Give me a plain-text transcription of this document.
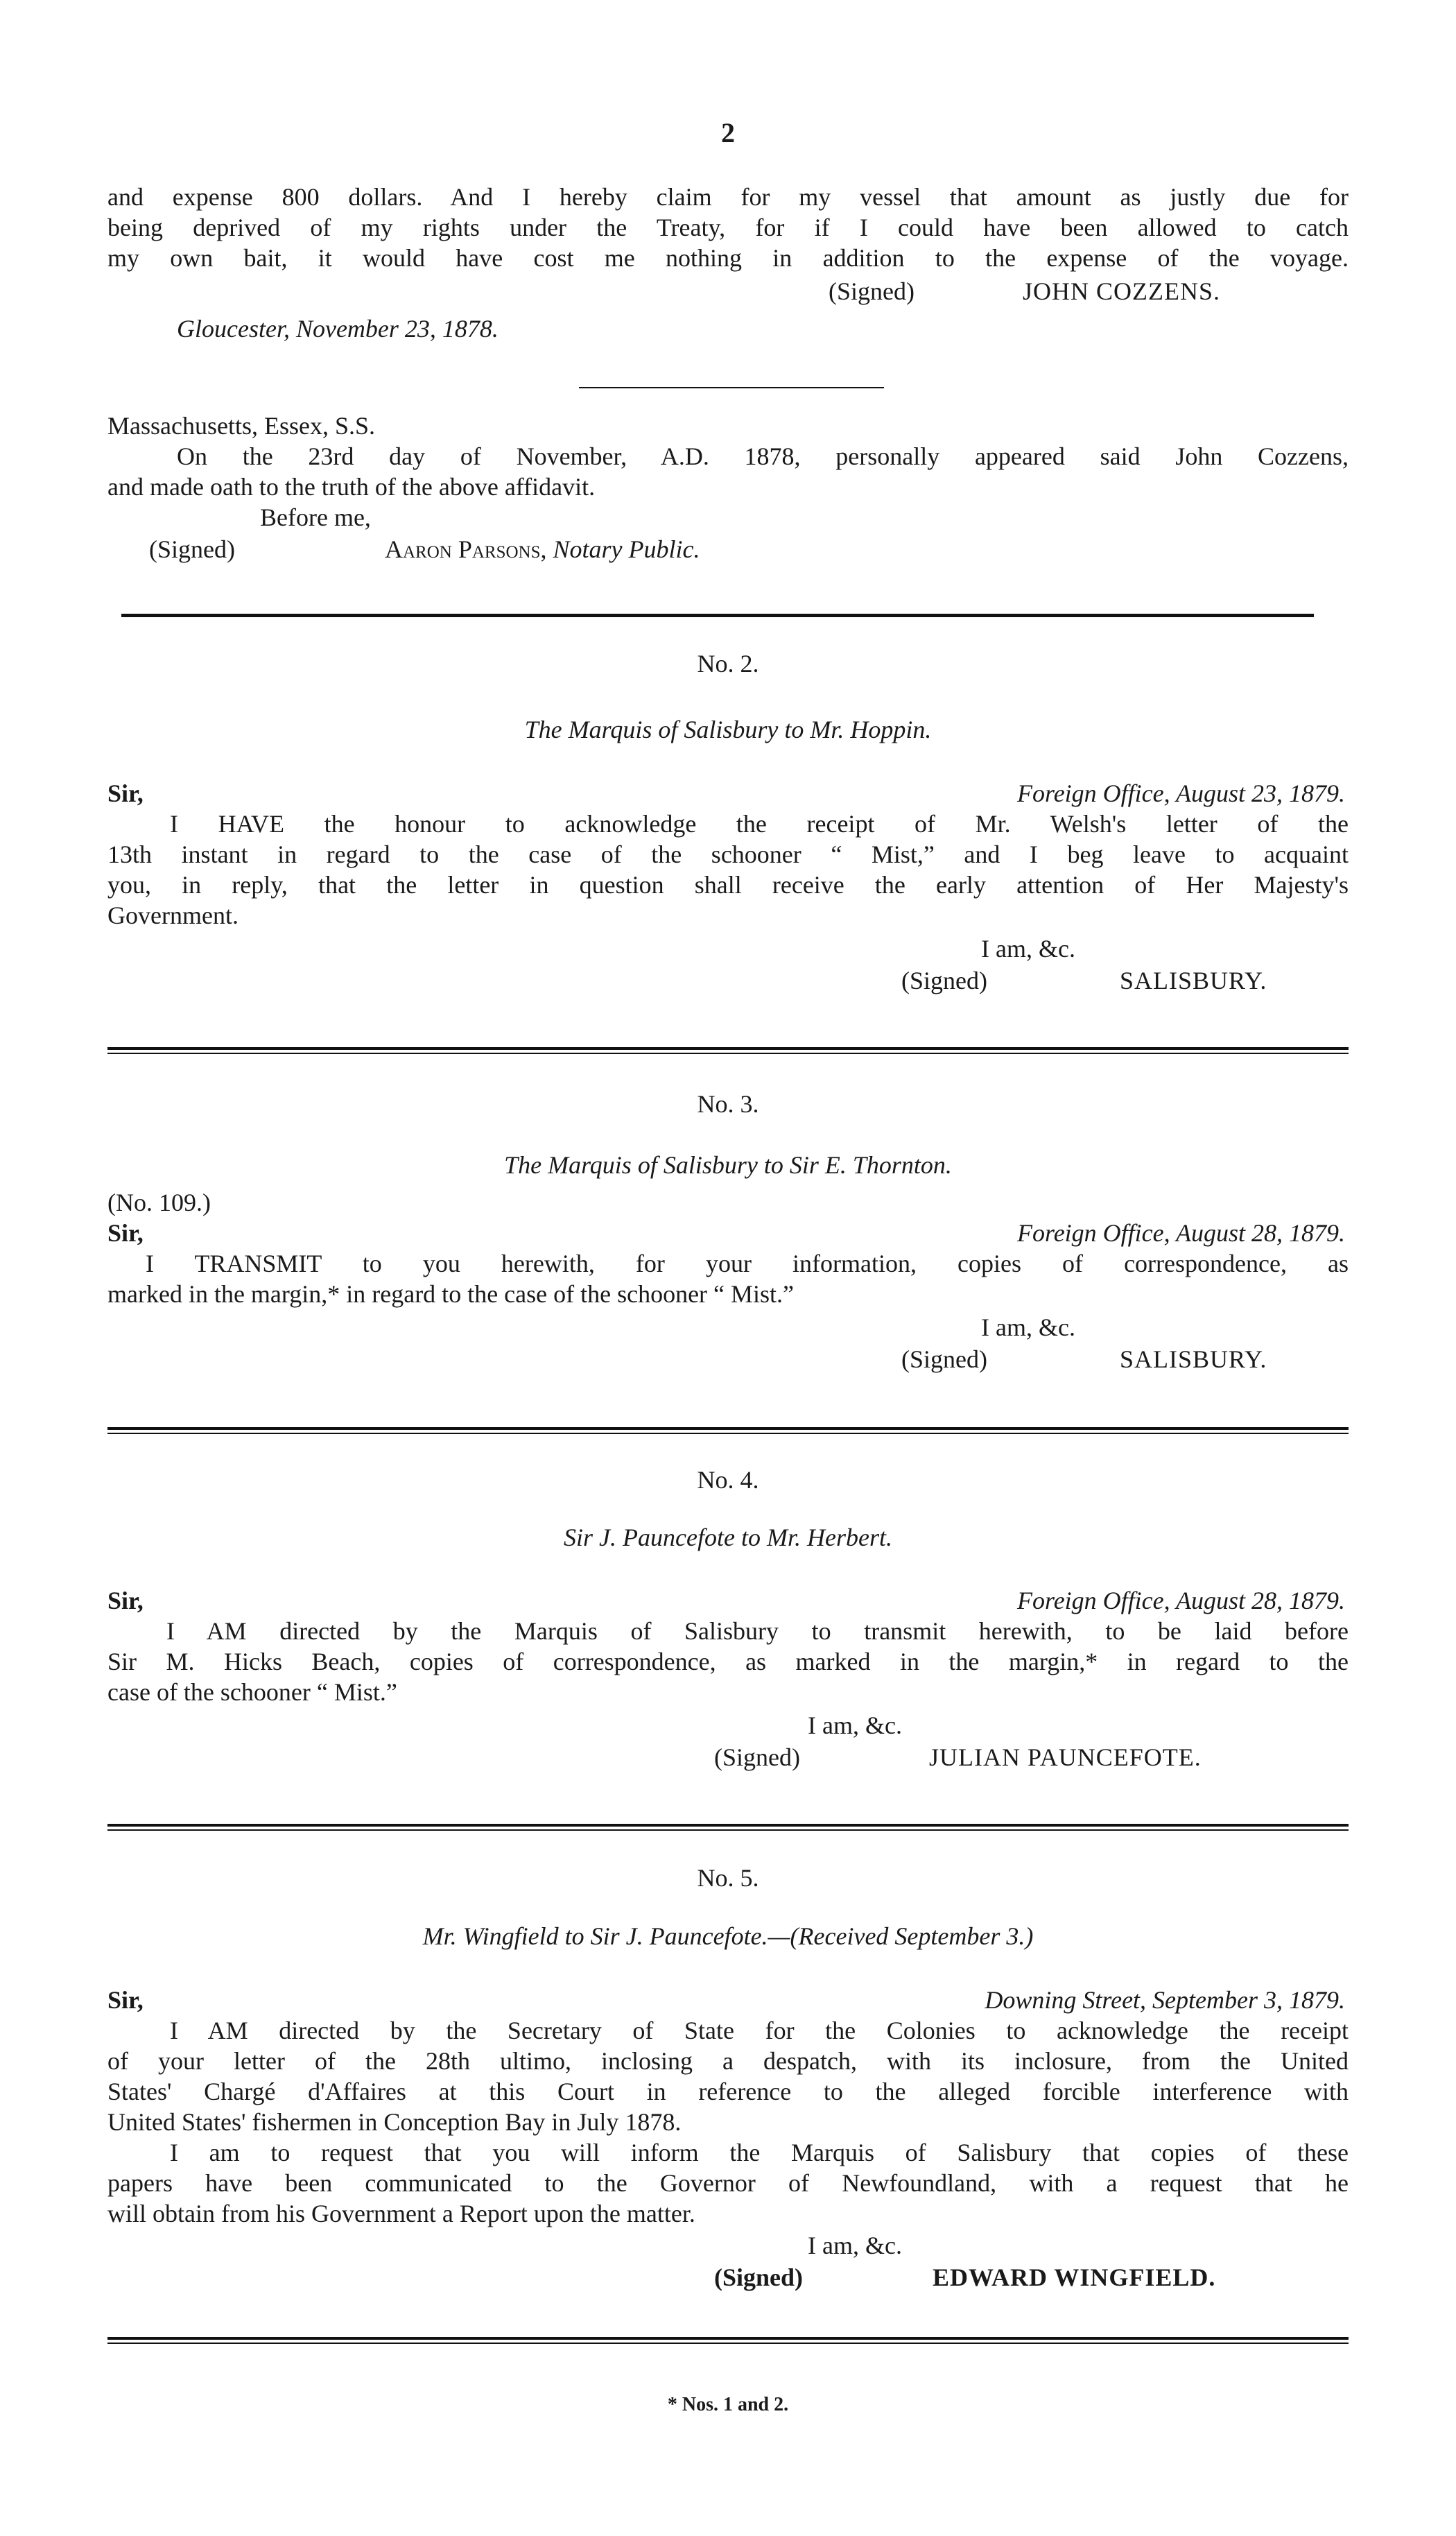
2
and expense 800 dollars. And I hereby claim for my vessel that amount as justly due for
being deprived of my rights under the Treaty, for if I could have been allowed to catch
my own bait, it would have cost me nothing in addition to the expense of the voyage.
(Signed)	JOHN COZZENS.
Gloucester, November 23, 1878.
Massachusetts, Essex, S.S.
On the 23rd day of November, A.D. 1878, personally appeared said John Cozzens,
and made oath to the truth of the above affidavit.
Before me,
(Signed)	Aaron Parsons, Notary Public.
No. 2.
The Marquis of Salisbury to Mr. Hoppin.
Sir,	Foreign Office, August 23, 1879.
I HAVE the honour to acknowledge the receipt of Mr. Welsh's letter of the
13th instant in regard to the case of the schooner “ Mist,” and I beg leave to acquaint
you, in reply, that the letter in question shall receive the early attention of Her Majesty's
Government.
I am, &c.
(Signed)	SALISBURY.
No. 3.
The Marquis of Salisbury to Sir E. Thornton.
(No. 109.)
Sir,	Foreign Office, August 28, 1879.
I TRANSMIT to you herewith, for your information, copies of correspondence, as
marked in the margin,* in regard to the case of the schooner “ Mist.”
I am, &c.
(Signed)	SALISBURY.
No. 4.
Sir J. Pauncefote to Mr. Herbert.
Sir,	Foreign Office, August 28, 1879.
I AM directed by the Marquis of Salisbury to transmit herewith, to be laid before
Sir M. Hicks Beach, copies of correspondence, as marked in the margin,* in regard to the
case of the schooner “ Mist.”
I am, &c.
(Signed)	JULIAN PAUNCEFOTE.
No. 5.
Mr. Wingfield to Sir J. Pauncefote.—(Received September 3.)
Sir,	Downing Street, September 3, 1879.
I AM directed by the Secretary of State for the Colonies to acknowledge the receipt
of your letter of the 28th ultimo, inclosing a despatch, with its inclosure, from the United
States' Chargé d'Affaires at this Court in reference to the alleged forcible interference with
United States' fishermen in Conception Bay in July 1878.
I am to request that you will inform the Marquis of Salisbury that copies of these
papers have been communicated to the Governor of Newfoundland, with a request that he
will obtain from his Government a Report upon the matter.
I am, &c.
(Signed)	EDWARD WINGFIELD.
* Nos. 1 and 2.
